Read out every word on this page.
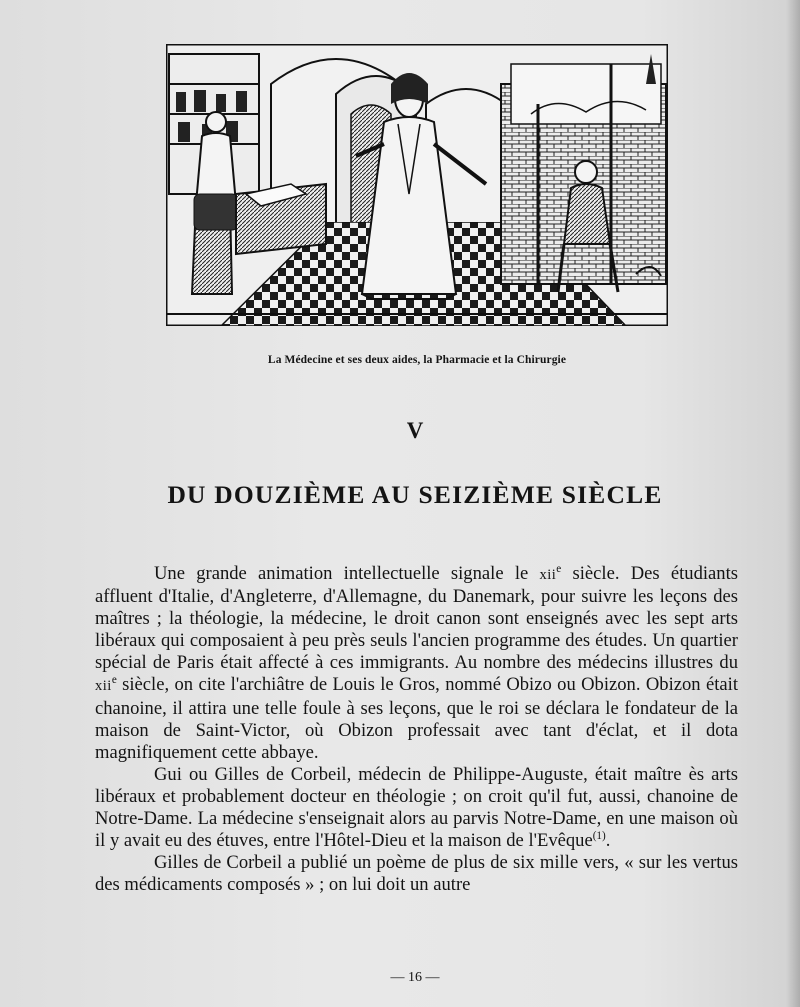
La Médecine et ses deux aides, la Pharmacie et la Chirurgie
V
DU DOUZIÈME AU SEIZIÈME SIÈCLE

Une grande animation intellectuelle signale le xii$^e$ siècle. Des étudiants affluent d'Italie, d'Angleterre, d'Allemagne, du Danemark, pour suivre les leçons des maîtres ; la théologie, la médecine, le droit canon sont enseignés avec les sept arts libéraux qui composaient à peu près seuls l'ancien programme des études. Un quartier spécial de Paris était affecté à ces immigrants. Au nombre des médecins illustres du xii$^e$ siècle, on cite l'archiâtre de Louis le Gros, nommé Obizo ou Obizon. Obizon était chanoine, il attira une telle foule à ses leçons, que le roi se déclara le fondateur de la maison de Saint-Victor, où Obizon professait avec tant d'éclat, et il dota magnifiquement cette abbaye.

Gui ou Gilles de Corbeil, médecin de Philippe-Auguste, était maître ès arts libéraux et probablement docteur en théologie ; on croit qu'il fut, aussi, chanoine de Notre-Dame. La médecine s'enseignait alors au parvis Notre-Dame, en une maison où il y avait eu des étuves, entre l'Hôtel-Dieu et la maison de l'Evêque$^{(1)}$.

Gilles de Corbeil a publié un poème de plus de six mille vers, « sur les vertus des médicaments composés » ; on lui doit un autre

— 16 —
